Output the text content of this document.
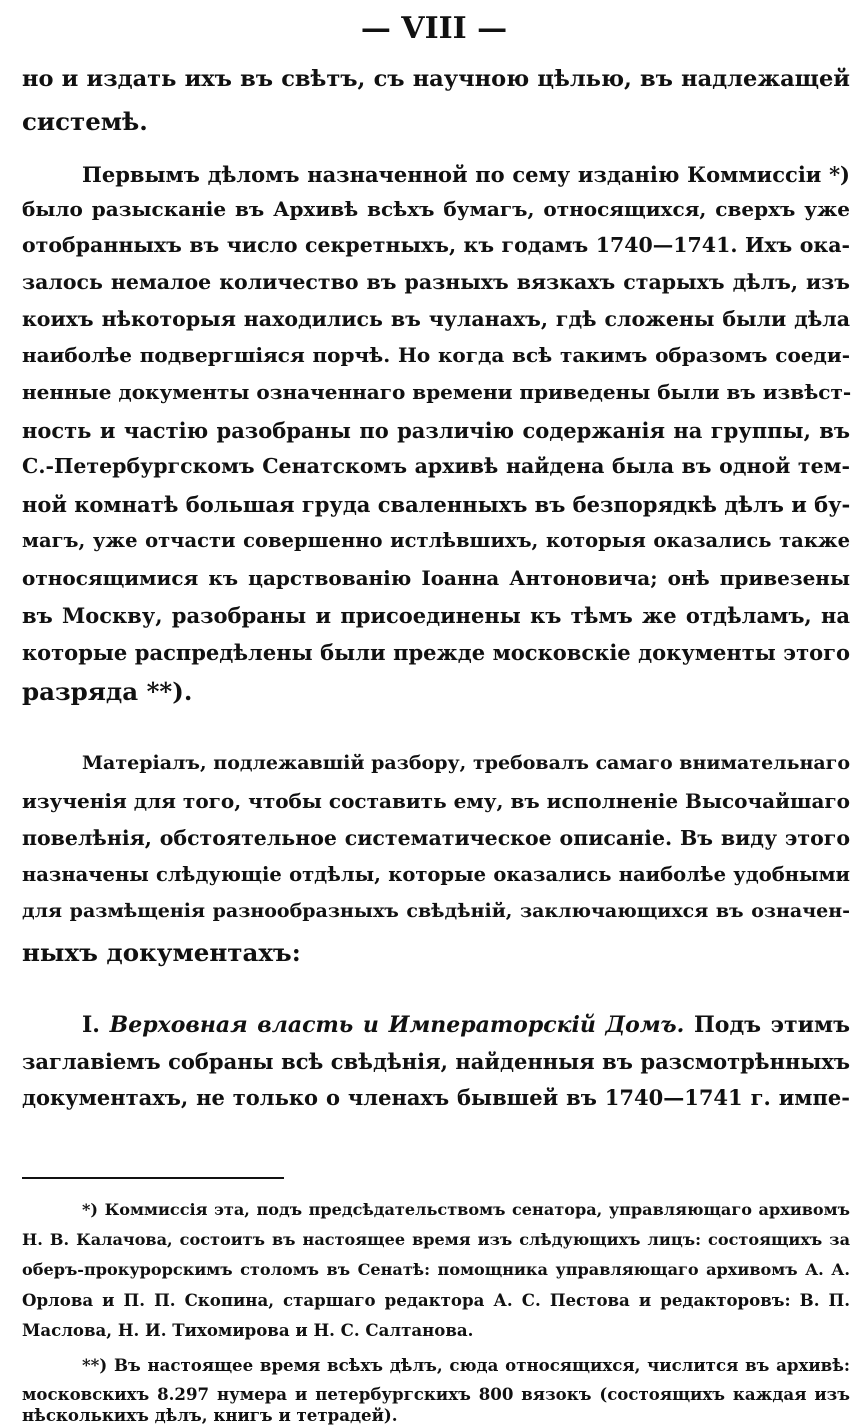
— VIII —
но и издать ихъ въ свѣтъ, съ научною цѣлью, въ надлежащей
системѣ.
Первымъ дѣломъ назначенной по сему изданію Коммиссіи *)
было разысканіе въ Архивѣ всѣхъ бумагъ, относящихся, сверхъ уже
отобранныхъ въ число секретныхъ, къ годамъ 1740—1741. Ихъ ока-
залось немалое количество въ разныхъ вязкахъ старыхъ дѣлъ, изъ
коихъ нѣкоторыя находились въ чуланахъ, гдѣ сложены были дѣла
наиболѣе подвергшіяся порчѣ. Но когда всѣ такимъ образомъ соеди-
ненные документы означеннаго времени приведены были въ извѣст-
ность и частію разобраны по различію содержанія на группы, въ
С.-Петербургскомъ Сенатскомъ архивѣ найдена была въ одной тем-
ной комнатѣ большая груда сваленныхъ въ безпорядкѣ дѣлъ и бу-
магъ, уже отчасти совершенно истлѣвшихъ, которыя оказались также
относящимися къ царствованію Іоанна Антоновича; онѣ привезены
въ Москву, разобраны и присоединены къ тѣмъ же отдѣламъ, на
которые распредѣлены были прежде московскіе документы этого
разряда **).
Матеріалъ, подлежавшій разбору, требовалъ самаго внимательнаго
изученія для того, чтобы составить ему, въ исполненіе Высочайшаго
повелѣнія, обстоятельное систематическое описаніе. Въ виду этого
назначены слѣдующіе отдѣлы, которые оказались наиболѣе удобными
для размѣщенія разнообразныхъ свѣдѣній, заключающихся въ означен-
ныхъ документахъ:
I. Верховная власть и Императорскій Домъ. Подъ этимъ
заглавіемъ собраны всѣ свѣдѣнія, найденныя въ разсмотрѣнныхъ
документахъ, не только о членахъ бывшей въ 1740—1741 г. импе-
*) Коммиссія эта, подъ предсѣдательствомъ сенатора, управляющаго архивомъ
Н. В. Калачова, состоитъ въ настоящее время изъ слѣдующихъ лицъ: состоящихъ за
оберъ-прокурорскимъ столомъ въ Сенатѣ: помощника управляющаго архивомъ А. А.
Орлова и П. П. Скопина, старшаго редактора А. С. Пестова и редакторовъ: В. П.
Маслова, Н. И. Тихомирова и Н. С. Салтанова.
**) Въ настоящее время всѣхъ дѣлъ, сюда относящихся, числится въ архивѣ:
московскихъ 8.297 нумера и петербургскихъ 800 вязокъ (состоящихъ каждая изъ
нѣсколькихъ дѣлъ, книгъ и тетрадей).
